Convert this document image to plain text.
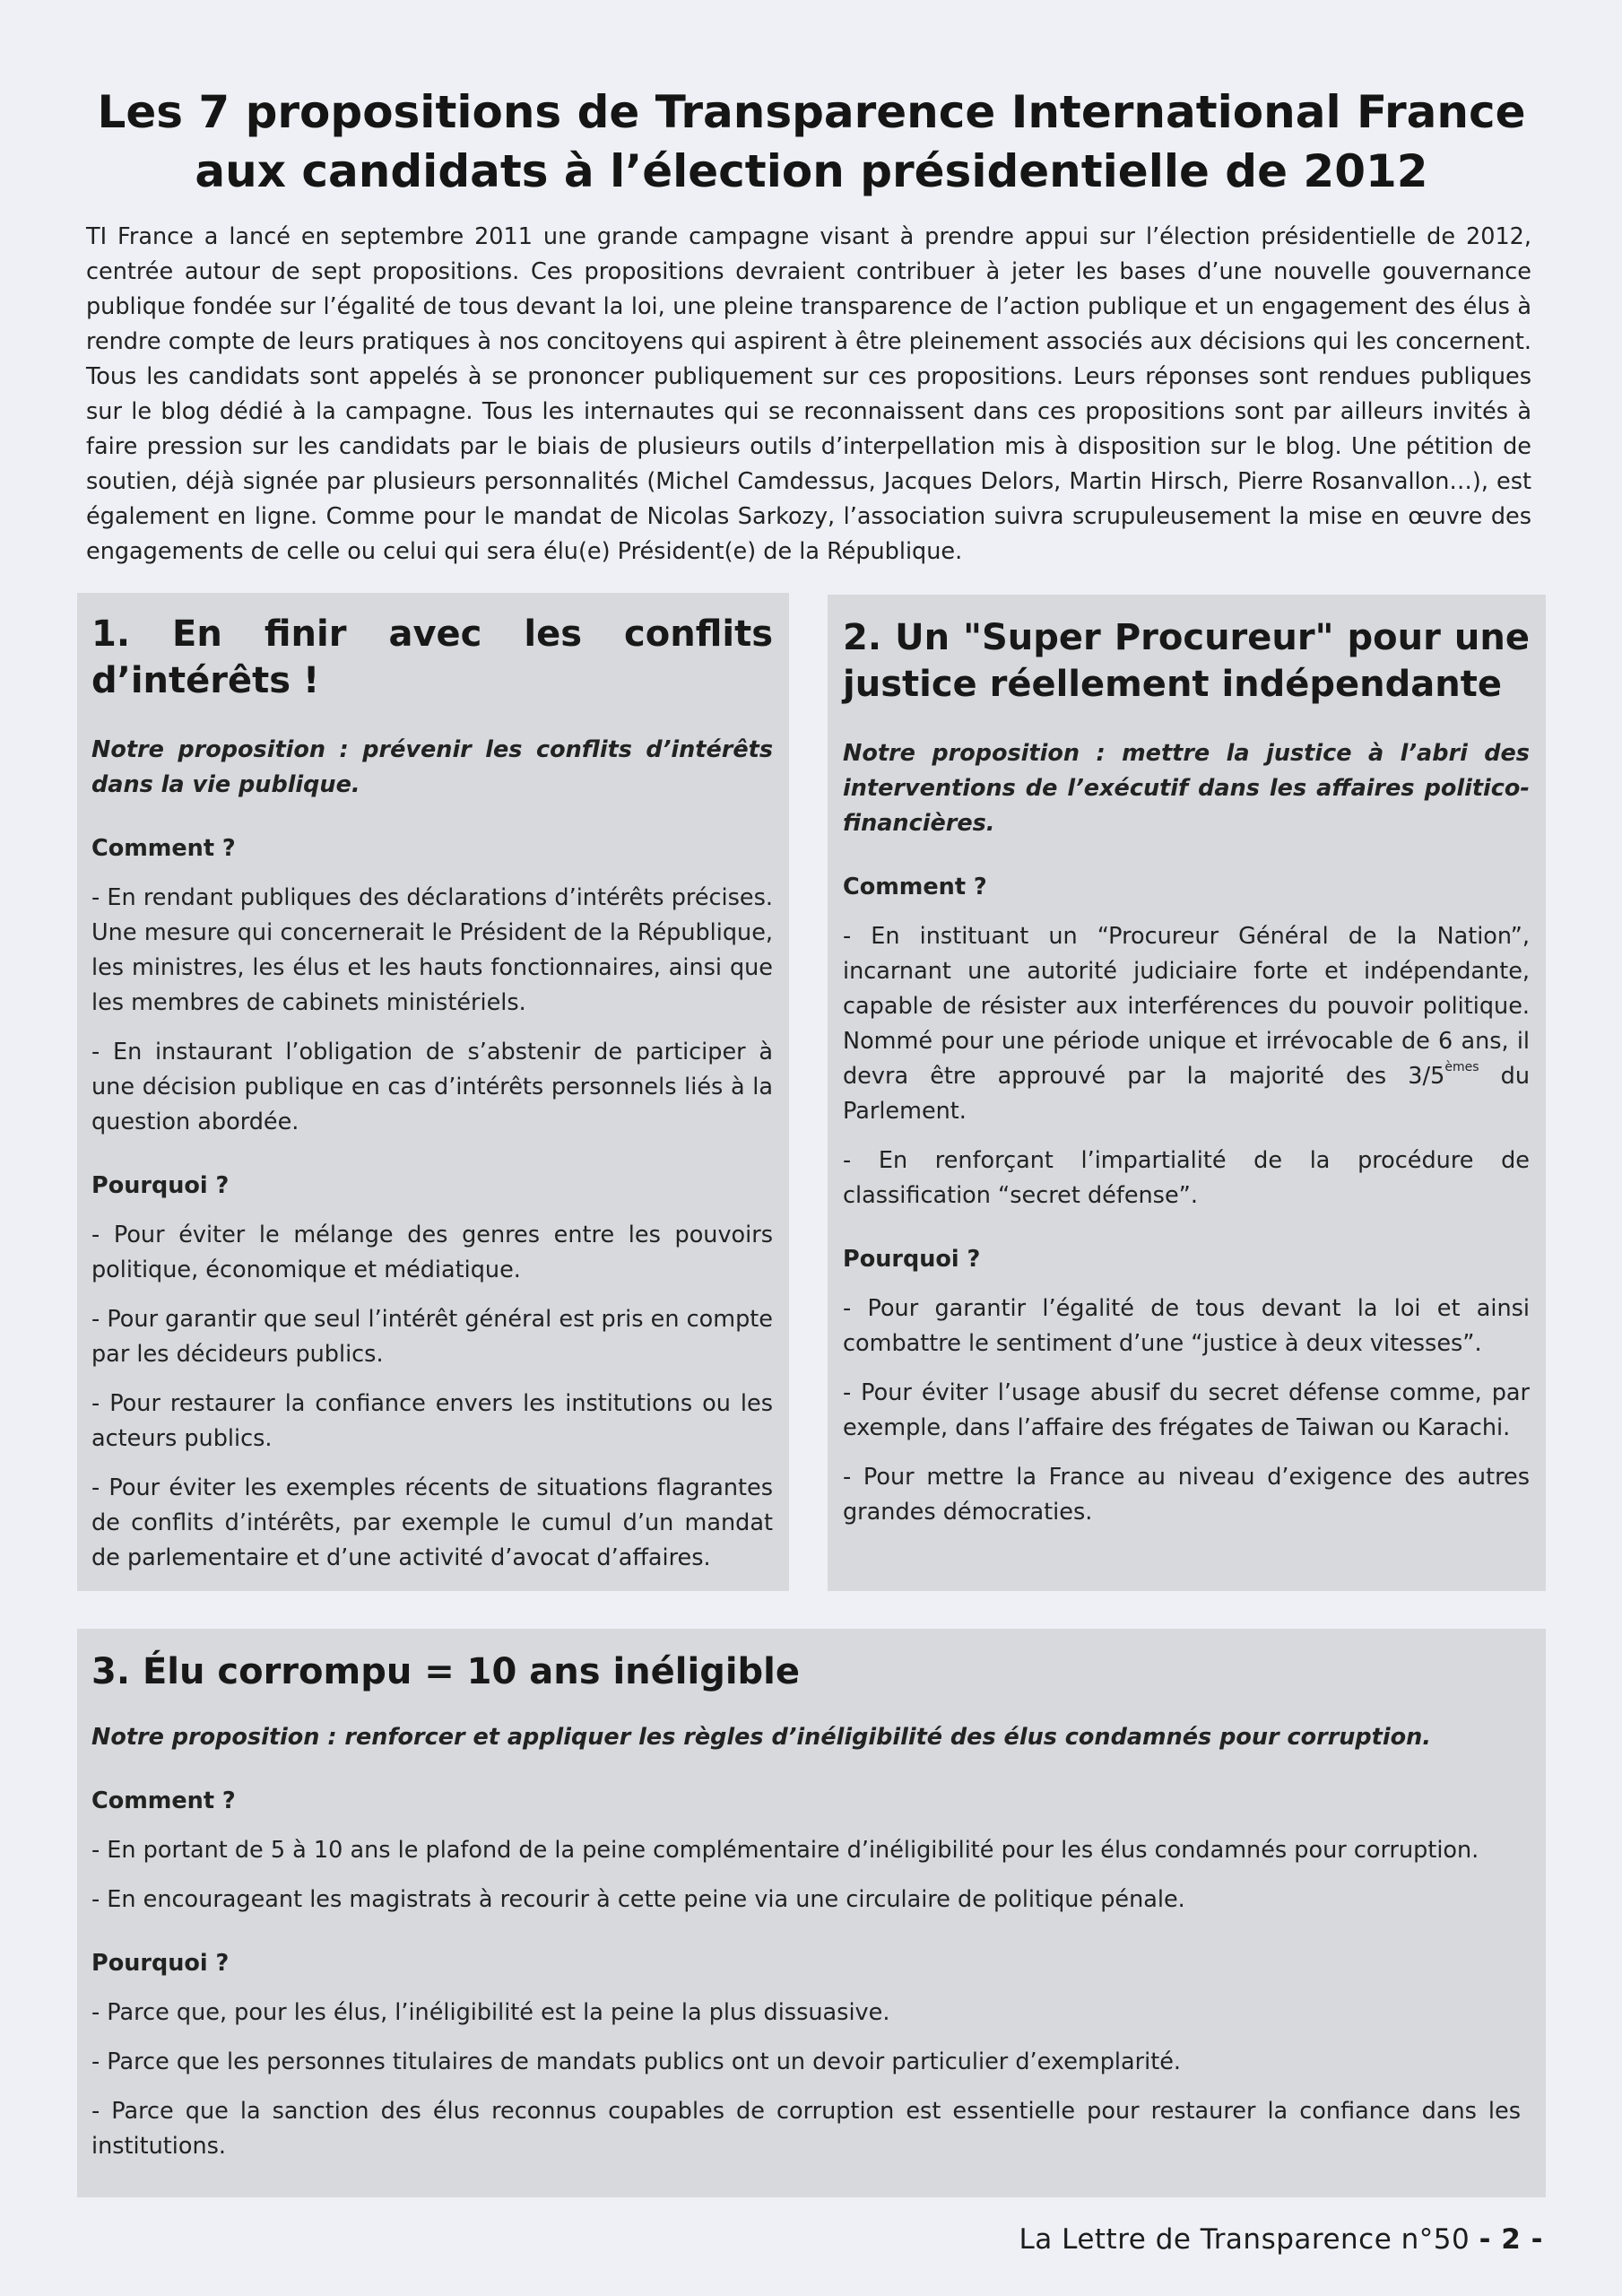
Les 7 propositions de Transparence International France
aux candidats à l’élection présidentielle de 2012

TI France a lancé en septembre 2011 une grande campagne visant à prendre appui sur l’élection présidentielle de 2012, centrée autour de sept propositions. Ces propositions devraient contribuer à jeter les bases d’une nouvelle gouvernance publique fondée sur l’égalité de tous devant la loi, une pleine transparence de l’action publique et un engagement des élus à rendre compte de leurs pratiques à nos concitoyens qui aspirent à être pleinement associés aux décisions qui les concernent. Tous les candidats sont appelés à se prononcer publiquement sur ces propositions. Leurs réponses sont rendues publiques sur le blog dédié à la campagne. Tous les internautes qui se reconnaissent dans ces propositions sont par ailleurs invités à faire pression sur les candidats par le biais de plusieurs outils d’interpellation mis à disposition sur le blog. Une pétition de soutien, déjà signée par plusieurs personnalités (Michel Camdessus, Jacques Delors, Martin Hirsch, Pierre Rosanvallon…), est également en ligne. Comme pour le mandat de Nicolas Sarkozy, l’association suivra scrupuleusement la mise en œuvre des engagements de celle ou celui qui sera élu(e) Président(e) de la République.

1. En finir avec les conflits d’intérêts !

Notre proposition : prévenir les conflits d’intérêts dans la vie publique.

Comment ?

- En rendant publiques des déclarations d’intérêts précises. Une mesure qui concernerait le Président de la République, les ministres, les élus et les hauts fonctionnaires, ainsi que les membres de cabinets ministériels.

- En instaurant l’obligation de s’abstenir de participer à une décision publique en cas d’intérêts personnels liés à la question abordée.

Pourquoi ?

- Pour éviter le mélange des genres entre les pouvoirs politique, économique et médiatique.

- Pour garantir que seul l’intérêt général est pris en compte par les décideurs publics.

- Pour restaurer la confiance envers les institutions ou les acteurs publics.

- Pour éviter les exemples récents de situations flagrantes de conflits d’intérêts, par exemple le cumul d’un mandat de parlementaire et d’une activité d’avocat d’affaires.

2. Un "Super Procureur" pour une justice réellement indépendante

Notre proposition : mettre la justice à l’abri des interventions de l’exécutif dans les affaires politico-financières.

Comment ?

- En instituant un “Procureur Général de la Nation”, incarnant une autorité judiciaire forte et indépendante, capable de résister aux interférences du pouvoir politique. Nommé pour une période unique et irrévocable de 6 ans, il devra être approuvé par la majorité des 3/5èmes du Parlement.

- En renforçant l’impartialité de la procédure de classification “secret défense”.

Pourquoi ?

- Pour garantir l’égalité de tous devant la loi et ainsi combattre le sentiment d’une “justice à deux vitesses”.

- Pour éviter l’usage abusif du secret défense comme, par exemple, dans l’affaire des frégates de Taiwan ou Karachi.

- Pour mettre la France au niveau d’exigence des autres grandes démocraties.

3. Élu corrompu = 10 ans inéligible

Notre proposition : renforcer et appliquer les règles d’inéligibilité des élus condamnés pour corruption.

Comment ?

- En portant de 5 à 10 ans le plafond de la peine complémentaire d’inéligibilité pour les élus condamnés pour corruption.

- En encourageant les magistrats à recourir à cette peine via une circulaire de politique pénale.

Pourquoi ?

- Parce que, pour les élus, l’inéligibilité est la peine la plus dissuasive.

- Parce que les personnes titulaires de mandats publics ont un devoir particulier d’exemplarité.

- Parce que la sanction des élus reconnus coupables de corruption est essentielle pour restaurer la confiance dans les institutions.

La Lettre de Transparence n°50 - 2 -
